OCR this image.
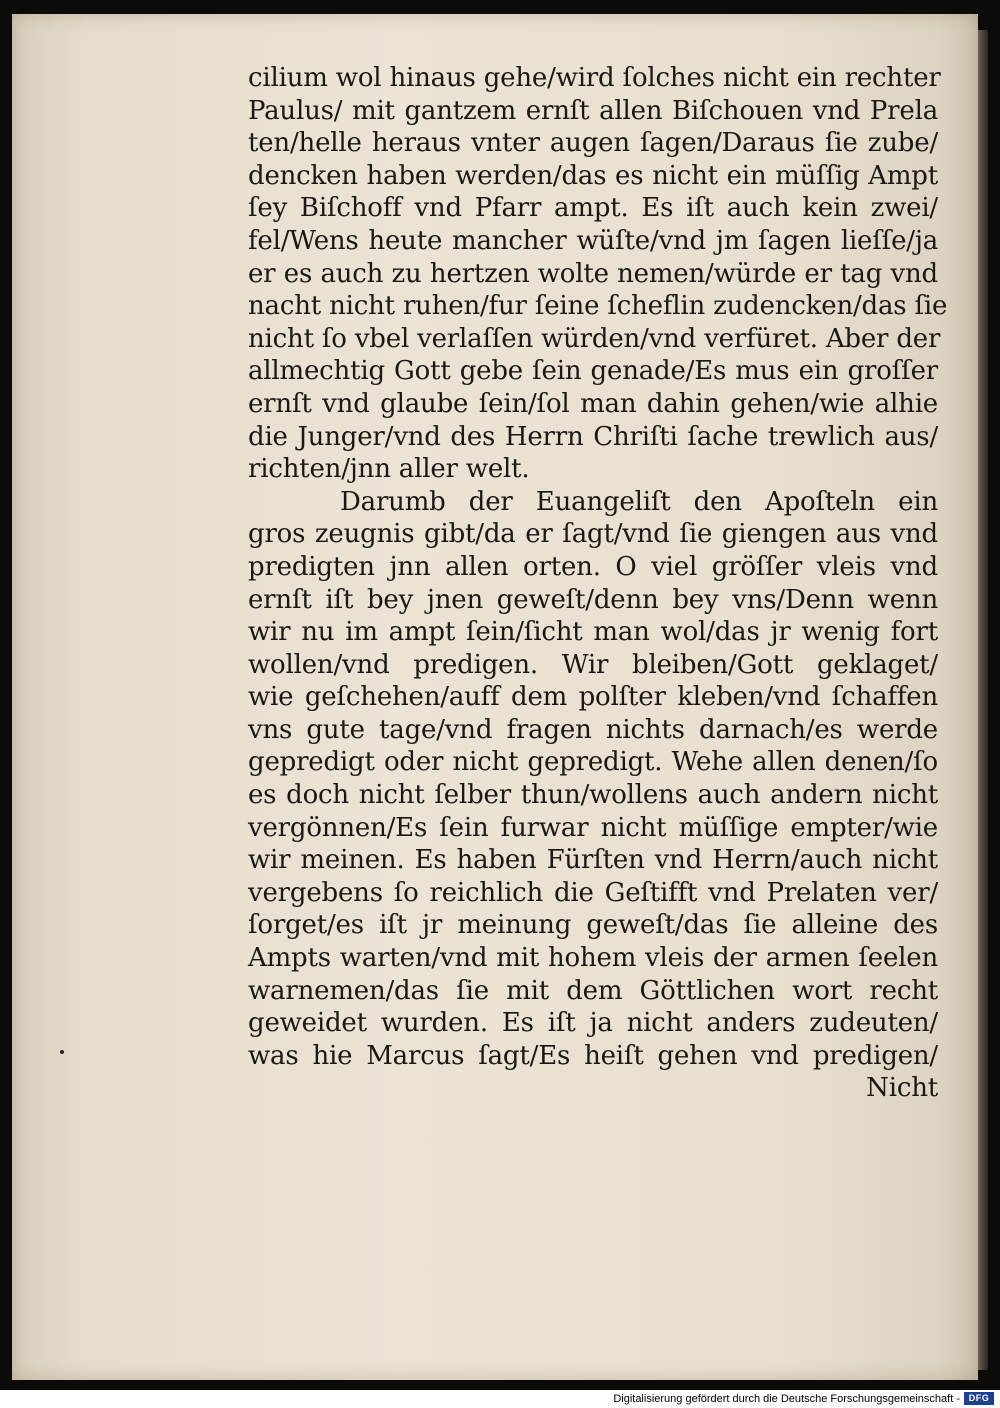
cilium wol hinaus gehe/wird ſolches nicht ein rechter
Paulus/ mit gantzem ernſt allen Biſchouen vnd Prela
ten/helle heraus vnter augen ſagen/Daraus ſie zube/
dencken haben werden/das es nicht ein müſſig Ampt
ſey Biſchoff vnd Pfarr ampt. Es iſt auch kein zwei/
fel/Wens heute mancher wüſte/vnd jm ſagen lieſſe/ja
er es auch zu hertzen wolte nemen/würde er tag vnd
nacht nicht ruhen/fur ſeine ſcheflin zudencken/das ſie
nicht ſo vbel verlaſſen würden/vnd verfüret. Aber der
allmechtig Gott gebe ſein genade/Es mus ein groſſer
ernſt vnd glaube ſein/ſol man dahin gehen/wie alhie
die Junger/vnd des Herrn Chriſti ſache trewlich aus/
richten/jnn aller welt.
Darumb der Euangeliſt den Apoſteln ein
gros zeugnis gibt/da er ſagt/vnd ſie giengen aus vnd
predigten jnn allen orten. O viel gröſſer vleis vnd
ernſt iſt bey jnen geweſt/denn bey vns/Denn wenn
wir nu im ampt ſein/ſicht man wol/das jr wenig fort
wollen/vnd predigen. Wir bleiben/Gott geklaget/
wie geſchehen/auff dem polſter kleben/vnd ſchaffen
vns gute tage/vnd fragen nichts darnach/es werde
gepredigt oder nicht gepredigt. Wehe allen denen/ſo
es doch nicht ſelber thun/wollens auch andern nicht
vergönnen/Es ſein furwar nicht müſſige empter/wie
wir meinen. Es haben Fürſten vnd Herrn/auch nicht
vergebens ſo reichlich die Geſtifft vnd Prelaten ver/
ſorget/es iſt jr meinung geweſt/das ſie alleine des
Ampts warten/vnd mit hohem vleis der armen ſeelen
warnemen/das ſie mit dem Göttlichen wort recht
geweidet wurden. Es iſt ja nicht anders zudeuten/
was hie Marcus ſagt/Es heiſt gehen vnd predigen/
Nicht
Digitalisierung gefördert durch die Deutsche Forschungsgemeinschaft - DFG
